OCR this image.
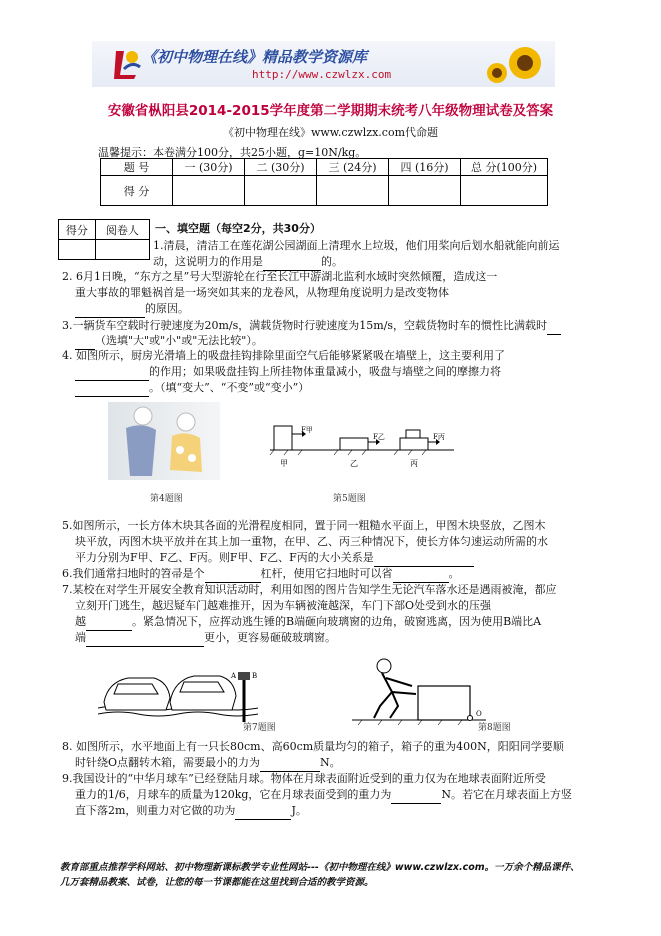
《初中物理在线》精品教学资源库
http://www.czwlzx.com
安徽省枞阳县2014-2015学年度第二学期期末统考八年级物理试卷及答案
《初中物理在线》www.czwlzx.com代命题
温馨提示：本卷满分100分，共25小题，g=10N/kg。
题 号	一 (30分)	二 (30分)	三 (24分)	四 (16分)	总 分(100分)
得 分					
得分	阅卷人
	一、填空题（每空2分，共30分）
1.清晨，清洁工在莲花湖公园湖面上清理水上垃圾，他们用桨向后划水船就能向前运
动，这说明力的作用是	的。
2. 6月1日晚，“东方之星”号大型游轮在行至长江中游湖北监利水域时突然倾覆，造成这一
重大事故的罪魁祸首是一场突如其来的龙卷风，从物理角度说明力是改变物体
的原因。
3.一辆货车空载时行驶速度为20m/s，满载货物时行驶速度为15m/s，空载货物时车的惯性比满载时
（选填"大"或"小"或"无法比较"）。
4. 如图所示，厨房光滑墙上的吸盘挂钩排除里面空气后能够紧紧吸在墙壁上，这主要利用了
的作用；如果吸盘挂钩上所挂物体重量减小，吸盘与墙壁之间的摩擦力将
。（填“变大”、“不变”或“变小”）
第4题图
F甲
F乙	F丙
甲	乙	丙
第5题图
5.如图所示，一长方体木块其各面的光滑程度相同，置于同一粗糙水平面上，甲图木块竖放，乙图木
块平放，丙图木块平放并在其上加一重物，在甲、乙、丙三种情况下，使长方体匀速运动所需的水
平力分别为F甲、F乙、F丙。则F甲、F乙、F丙的大小关系是
6.我们通常扫地时的笤帚是个	杠杆，使用它扫地时可以省	。
7.某校在对学生开展安全教育知识活动时，利用如图的图片告知学生无论汽车落水还是遇雨被淹，都应
立刻开门逃生，越迟疑车门越难推开，因为车辆被淹越深，车门下部O处受到水的压强
越	。紧急情况下，应挥动逃生锤的B端砸向玻璃窗的边角，破窗逃离，因为使用B端比A
端	更小，更容易砸破玻璃窗。
A B
第7题图
O
第8题图
8. 如图所示，水平地面上有一只长80cm、高60cm质量均匀的箱子，箱子的重为400N，阳阳同学要顺
时针绕O点翻转木箱，需要最小的力为	N。
9.我国设计的“中华月球车”已经登陆月球。物体在月球表面附近受到的重力仅为在地球表面附近所受
重力的1/6，月球车的质量为120kg，它在月球表面受到的重力为	N。若它在月球表面上方竖
直下落2m，则重力对它做的功为	J。
教育部重点推荐学科网站、初中物理新课标教学专业性网站---《初中物理在线》www.czwlzx.com。一万余个精品课件、
几万套精品教案、试卷，让您的每一节课都能在这里找到合适的教学资源。
